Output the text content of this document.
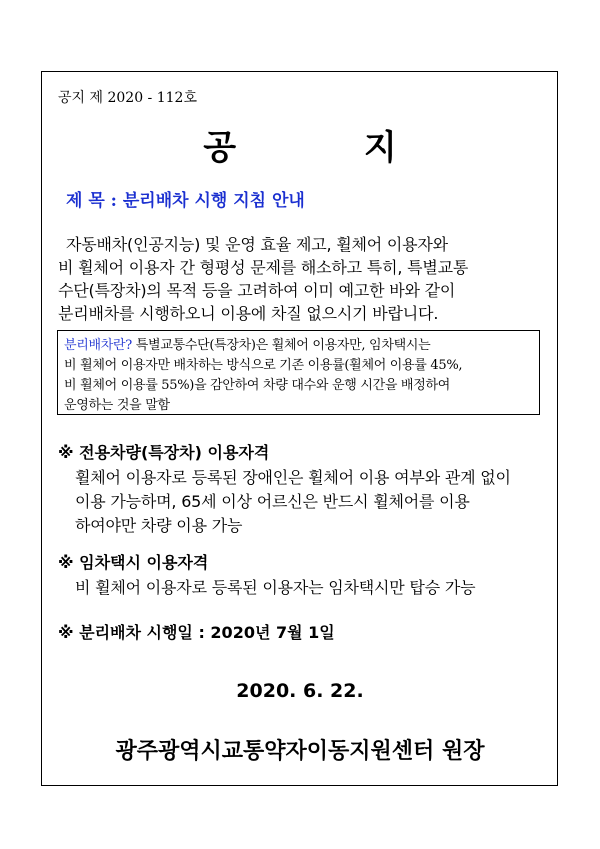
공지 제 2020 - 112호
공 지
제 목 : 분리배차 시행 지침 안내
자동배차(인공지능) 및 운영 효율 제고, 휠체어 이용자와
비 휠체어 이용자 간 형평성 문제를 해소하고 특히, 특별교통
수단(특장차)의 목적 등을 고려하여 이미 예고한 바와 같이
분리배차를 시행하오니 이용에 차질 없으시기 바랍니다.
분리배차란? 특별교통수단(특장차)은 휠체어 이용자만, 임차택시는
비 휠체어 이용자만 배차하는 방식으로 기존 이용률(휠체어 이용률 45%,
비 휠체어 이용률 55%)을 감안하여 차량 대수와 운행 시간을 배정하여
운영하는 것을 말함
※ 전용차량(특장차) 이용자격
휠체어 이용자로 등록된 장애인은 휠체어 이용 여부와 관계 없이
이용 가능하며, 65세 이상 어르신은 반드시 휠체어를 이용
하여야만 차량 이용 가능
※ 임차택시 이용자격
비 휠체어 이용자로 등록된 이용자는 임차택시만 탑승 가능
※ 분리배차 시행일 : 2020년 7월 1일
2020. 6. 22.
광주광역시교통약자이동지원센터 원장
